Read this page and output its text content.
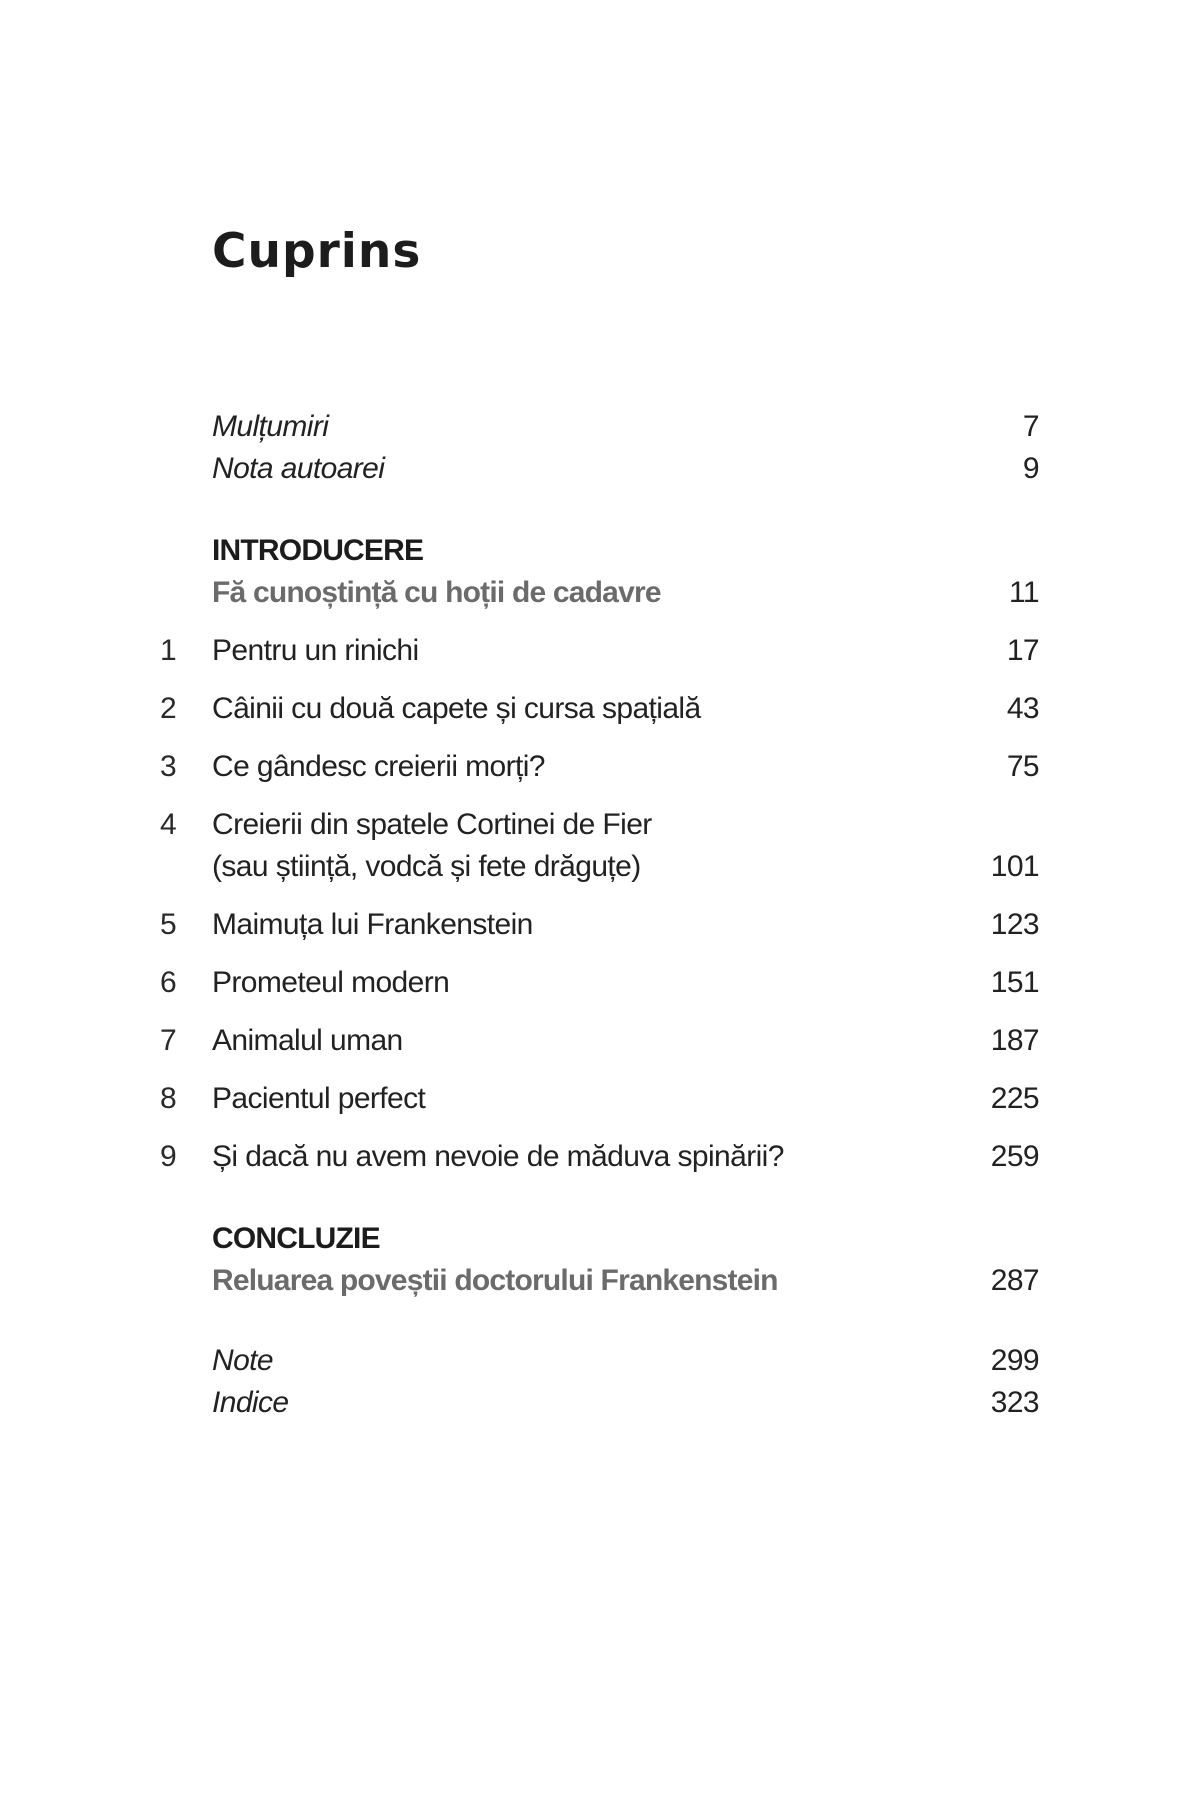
Cuprins
Mulțumiri	7
Nota autoarei	9
INTRODUCERE
Fă cunoștință cu hoții de cadavre	11
1	Pentru un rinichi	17
2	Câinii cu două capete și cursa spațială	43
3	Ce gândesc creierii morți?	75
4	Creierii din spatele Cortinei de Fier
(sau știință, vodcă și fete drăguțe)	101
5	Maimuța lui Frankenstein	123
6	Prometeul modern	151
7	Animalul uman	187
8	Pacientul perfect	225
9	Și dacă nu avem nevoie de măduva spinării?	259
CONCLUZIE
Reluarea poveștii doctorului Frankenstein	287
Note	299
Indice	323
